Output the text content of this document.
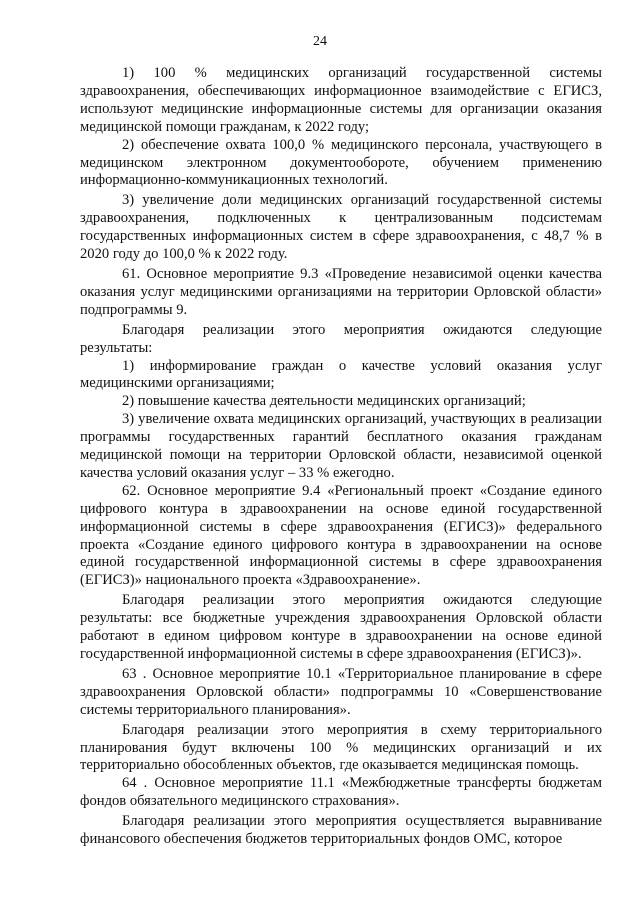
24

1) 100 % медицинских организаций государственной системы здравоохранения, обеспечивающих информационное взаимодействие с ЕГИСЗ, используют медицинские информационные системы для организации оказания медицинской помощи гражданам, к 2022 году;

2) обеспечение охвата 100,0 % медицинского персонала, участвующего в медицинском электронном документообороте, обучением применению информационно-коммуникационных технологий.

3) увеличение доли медицинских организаций государственной системы здравоохранения, подключенных к централизованным подсистемам государственных информационных систем в сфере здравоохранения, с 48,7 % в 2020 году до 100,0 % к 2022 году.

61. Основное мероприятие 9.3 «Проведение независимой оценки качества оказания услуг медицинскими организациями на территории Орловской области» подпрограммы 9.

Благодаря реализации этого мероприятия ожидаются следующие результаты:

1) информирование граждан о качестве условий оказания услуг медицинскими организациями;

2) повышение качества деятельности медицинских организаций;

3) увеличение охвата медицинских организаций, участвующих в реализации программы государственных гарантий бесплатного оказания гражданам медицинской помощи на территории Орловской области, независимой оценкой качества условий оказания услуг – 33 % ежегодно.

62. Основное мероприятие 9.4 «Региональный проект «Создание единого цифрового контура в здравоохранении на основе единой государственной информационной системы в сфере здравоохранения (ЕГИСЗ)» федерального проекта «Создание единого цифрового контура в здравоохранении на основе единой государственной информационной системы в сфере здравоохранения (ЕГИСЗ)» национального проекта «Здравоохранение».

Благодаря реализации этого мероприятия ожидаются следующие результаты: все бюджетные учреждения здравоохранения Орловской области работают в едином цифровом контуре в здравоохранении на основе единой государственной информационной системы в сфере здравоохранения (ЕГИСЗ)».

63 . Основное мероприятие 10.1 «Территориальное планирование в сфере здравоохранения Орловской области» подпрограммы 10 «Совершенствование системы территориального планирования».

Благодаря реализации этого мероприятия в схему территориального планирования будут включены 100 % медицинских организаций и их территориально обособленных объектов, где оказывается медицинская помощь.

64 . Основное мероприятие 11.1 «Межбюджетные трансферты бюджетам фондов обязательного медицинского страхования».

Благодаря реализации этого мероприятия осуществляется выравнивание финансового обеспечения бюджетов территориальных фондов ОМС, которое
